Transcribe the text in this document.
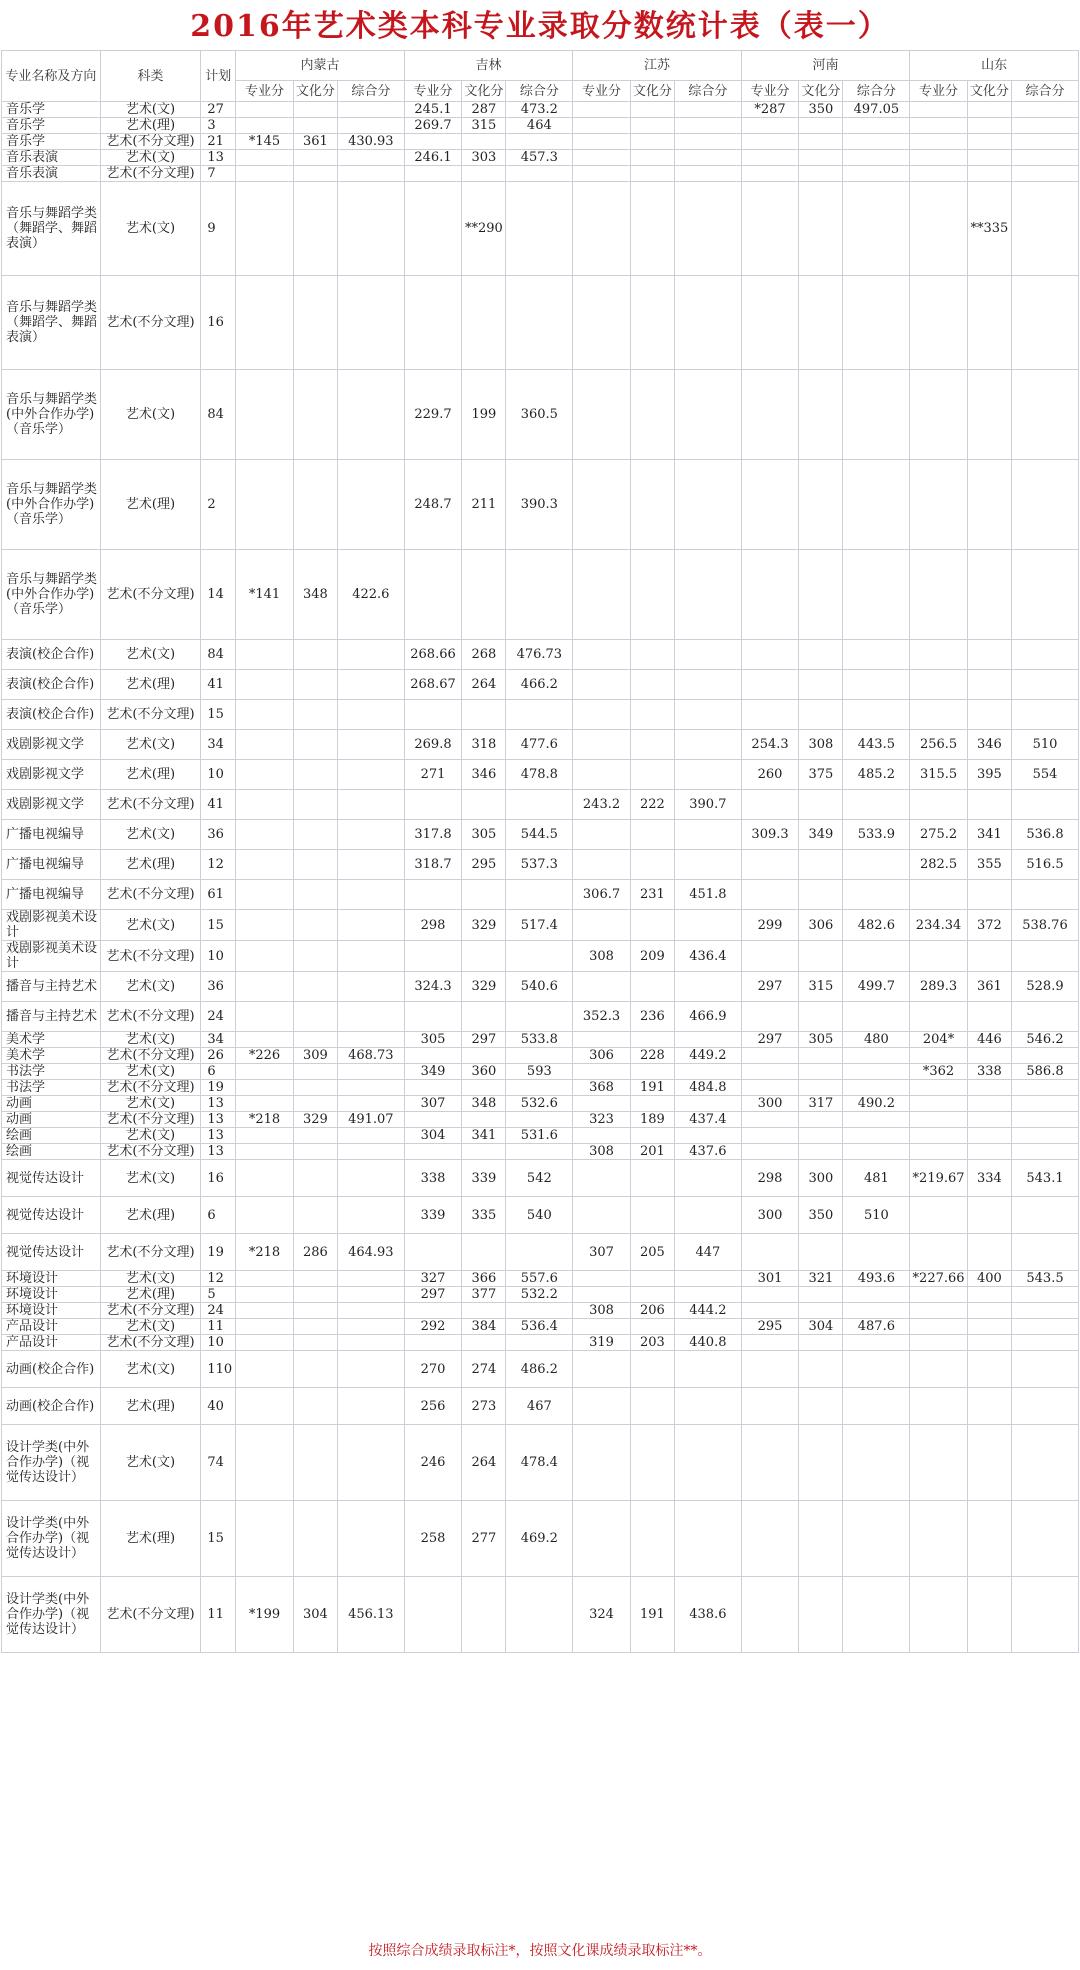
2016年艺术类本科专业录取分数统计表（表一）
专业名称及方向	科类	计划	内蒙古			吉林			江苏			河南			山东		
			专业分	文化分	综合分	专业分	文化分	综合分	专业分	文化分	综合分	专业分	文化分	综合分	专业分	文化分	综合分
音乐学	艺术(文)	27				245.1	287	473.2				*287	350	497.05			
音乐学	艺术(理)	3				269.7	315	464									
音乐学	艺术(不分文理)	21	*145	361	430.93												
音乐表演	艺术(文)	13				246.1	303	457.3									
音乐表演	艺术(不分文理)	7															
音乐与舞蹈学类（舞蹈学、舞蹈表演）	艺术(文)	9					**290									**335	
音乐与舞蹈学类（舞蹈学、舞蹈表演）	艺术(不分文理)	16															
音乐与舞蹈学类(中外合作办学)（音乐学）	艺术(文)	84				229.7	199	360.5									
音乐与舞蹈学类(中外合作办学)（音乐学）	艺术(理)	2				248.7	211	390.3									
音乐与舞蹈学类(中外合作办学)（音乐学）	艺术(不分文理)	14	*141	348	422.6												
表演(校企合作)	艺术(文)	84				268.66	268	476.73									
表演(校企合作)	艺术(理)	41				268.67	264	466.2									
表演(校企合作)	艺术(不分文理)	15															
戏剧影视文学	艺术(文)	34				269.8	318	477.6				254.3	308	443.5	256.5	346	510
戏剧影视文学	艺术(理)	10				271	346	478.8				260	375	485.2	315.5	395	554
戏剧影视文学	艺术(不分文理)	41							243.2	222	390.7						
广播电视编导	艺术(文)	36				317.8	305	544.5				309.3	349	533.9	275.2	341	536.8
广播电视编导	艺术(理)	12				318.7	295	537.3							282.5	355	516.5
广播电视编导	艺术(不分文理)	61							306.7	231	451.8						
戏剧影视美术设计	艺术(文)	15				298	329	517.4				299	306	482.6	234.34	372	538.76
戏剧影视美术设计	艺术(不分文理)	10							308	209	436.4						
播音与主持艺术	艺术(文)	36				324.3	329	540.6				297	315	499.7	289.3	361	528.9
播音与主持艺术	艺术(不分文理)	24							352.3	236	466.9						
美术学	艺术(文)	34				305	297	533.8				297	305	480	204*	446	546.2
美术学	艺术(不分文理)	26	*226	309	468.73				306	228	449.2						
书法学	艺术(文)	6				349	360	593							*362	338	586.8
书法学	艺术(不分文理)	19							368	191	484.8						
动画	艺术(文)	13				307	348	532.6				300	317	490.2			
动画	艺术(不分文理)	13	*218	329	491.07				323	189	437.4						
绘画	艺术(文)	13				304	341	531.6									
绘画	艺术(不分文理)	13							308	201	437.6						
视觉传达设计	艺术(文)	16				338	339	542				298	300	481	*219.67	334	543.1
视觉传达设计	艺术(理)	6				339	335	540				300	350	510			
视觉传达设计	艺术(不分文理)	19	*218	286	464.93				307	205	447						
环境设计	艺术(文)	12				327	366	557.6				301	321	493.6	*227.66	400	543.5
环境设计	艺术(理)	5				297	377	532.2									
环境设计	艺术(不分文理)	24							308	206	444.2						
产品设计	艺术(文)	11				292	384	536.4				295	304	487.6			
产品设计	艺术(不分文理)	10							319	203	440.8						
动画(校企合作)	艺术(文)	110				270	274	486.2									
动画(校企合作)	艺术(理)	40				256	273	467									
设计学类(中外合作办学)（视觉传达设计）	艺术(文)	74				246	264	478.4									
设计学类(中外合作办学)（视觉传达设计）	艺术(理)	15				258	277	469.2									
设计学类(中外合作办学)（视觉传达设计）	艺术(不分文理)	11	*199	304	456.13				324	191	438.6						
按照综合成绩录取标注*，按照文化课成绩录取标注**。
